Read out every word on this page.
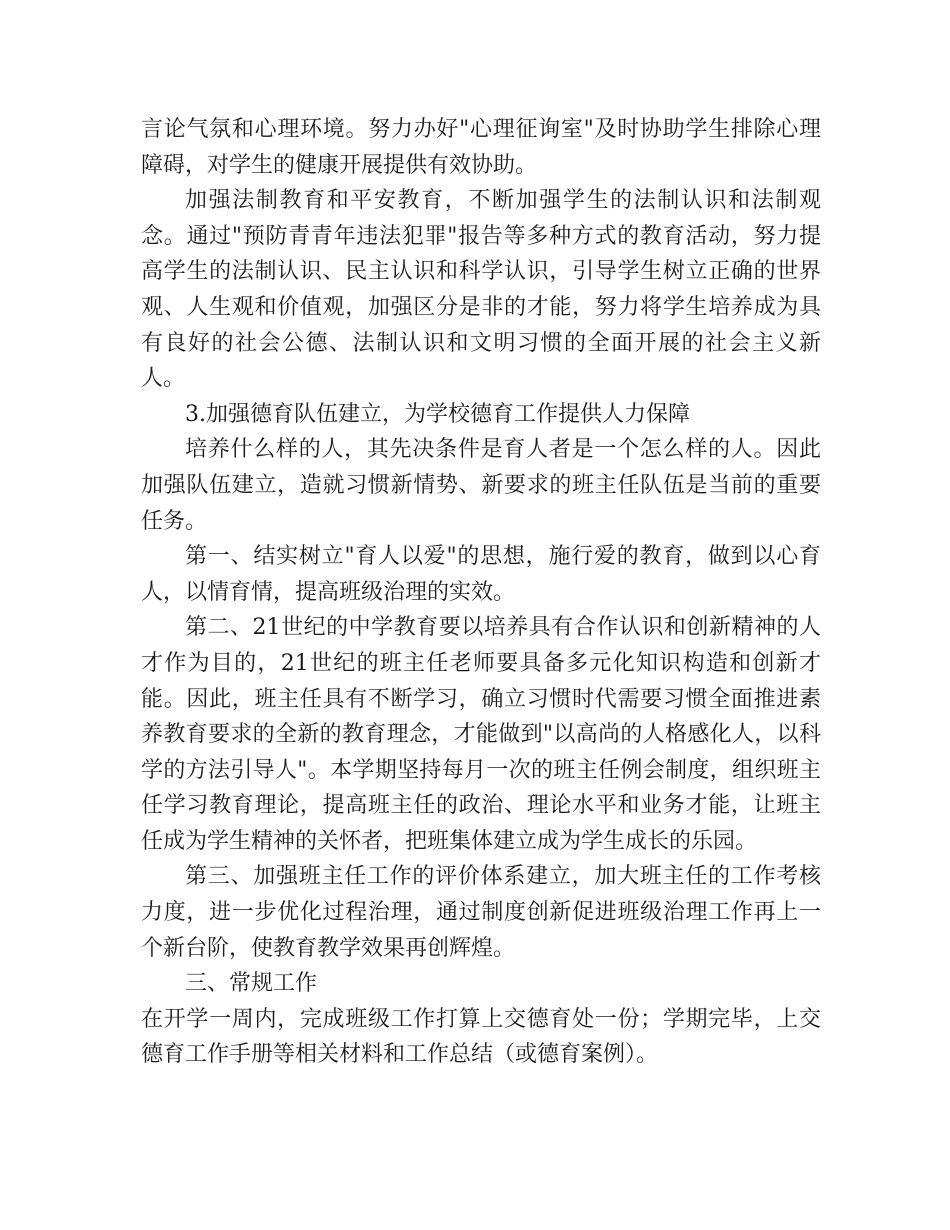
言论气氛和心理环境。努力办好"心理征询室"及时协助学生排除心理障碍，对学生的健康开展提供有效协助。

加强法制教育和平安教育，不断加强学生的法制认识和法制观念。通过"预防青青年违法犯罪"报告等多种方式的教育活动，努力提高学生的法制认识、民主认识和科学认识，引导学生树立正确的世界观、人生观和价值观，加强区分是非的才能，努力将学生培养成为具有良好的社会公德、法制认识和文明习惯的全面开展的社会主义新人。

3.加强德育队伍建立，为学校德育工作提供人力保障

培养什么样的人，其先决条件是育人者是一个怎么样的人。因此加强队伍建立，造就习惯新情势、新要求的班主任队伍是当前的重要任务。

第一、结实树立"育人以爱"的思想，施行爱的教育，做到以心育人，以情育情，提高班级治理的实效。

第二、21世纪的中学教育要以培养具有合作认识和创新精神的人才作为目的，21世纪的班主任老师要具备多元化知识构造和创新才能。因此，班主任具有不断学习，确立习惯时代需要习惯全面推进素养教育要求的全新的教育理念，才能做到"以高尚的人格感化人，以科学的方法引导人"。本学期坚持每月一次的班主任例会制度，组织班主任学习教育理论，提高班主任的政治、理论水平和业务才能，让班主任成为学生精神的关怀者，把班集体建立成为学生成长的乐园。

第三、加强班主任工作的评价体系建立，加大班主任的工作考核力度，进一步优化过程治理，通过制度创新促进班级治理工作再上一个新台阶，使教育教学效果再创辉煌。

三、常规工作

在开学一周内，完成班级工作打算上交德育处一份；学期完毕，上交德育工作手册等相关材料和工作总结（或德育案例）。
